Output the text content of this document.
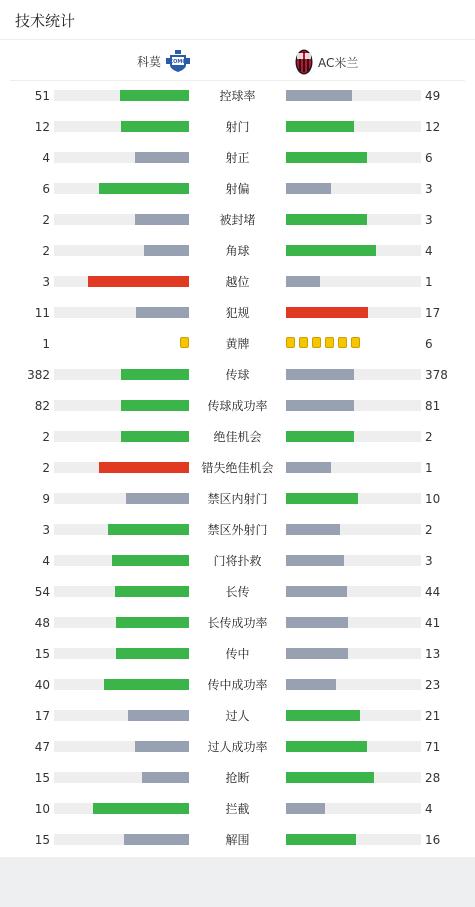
技术统计
科莫 COMO	AC米兰
51	控球率	49
12	射门	12
4	射正	6
6	射偏	3
2	被封堵	3
2	角球	4
3	越位	1
11	犯规	17
1	黄牌	6
382	传球	378
82	传球成功率	81
2	绝佳机会	2
2	错失绝佳机会	1
9	禁区内射门	10
3	禁区外射门	2
4	门将扑救	3
54	长传	44
48	长传成功率	41
15	传中	13
40	传中成功率	23
17	过人	21
47	过人成功率	71
15	抢断	28
10	拦截	4
15	解围	16
